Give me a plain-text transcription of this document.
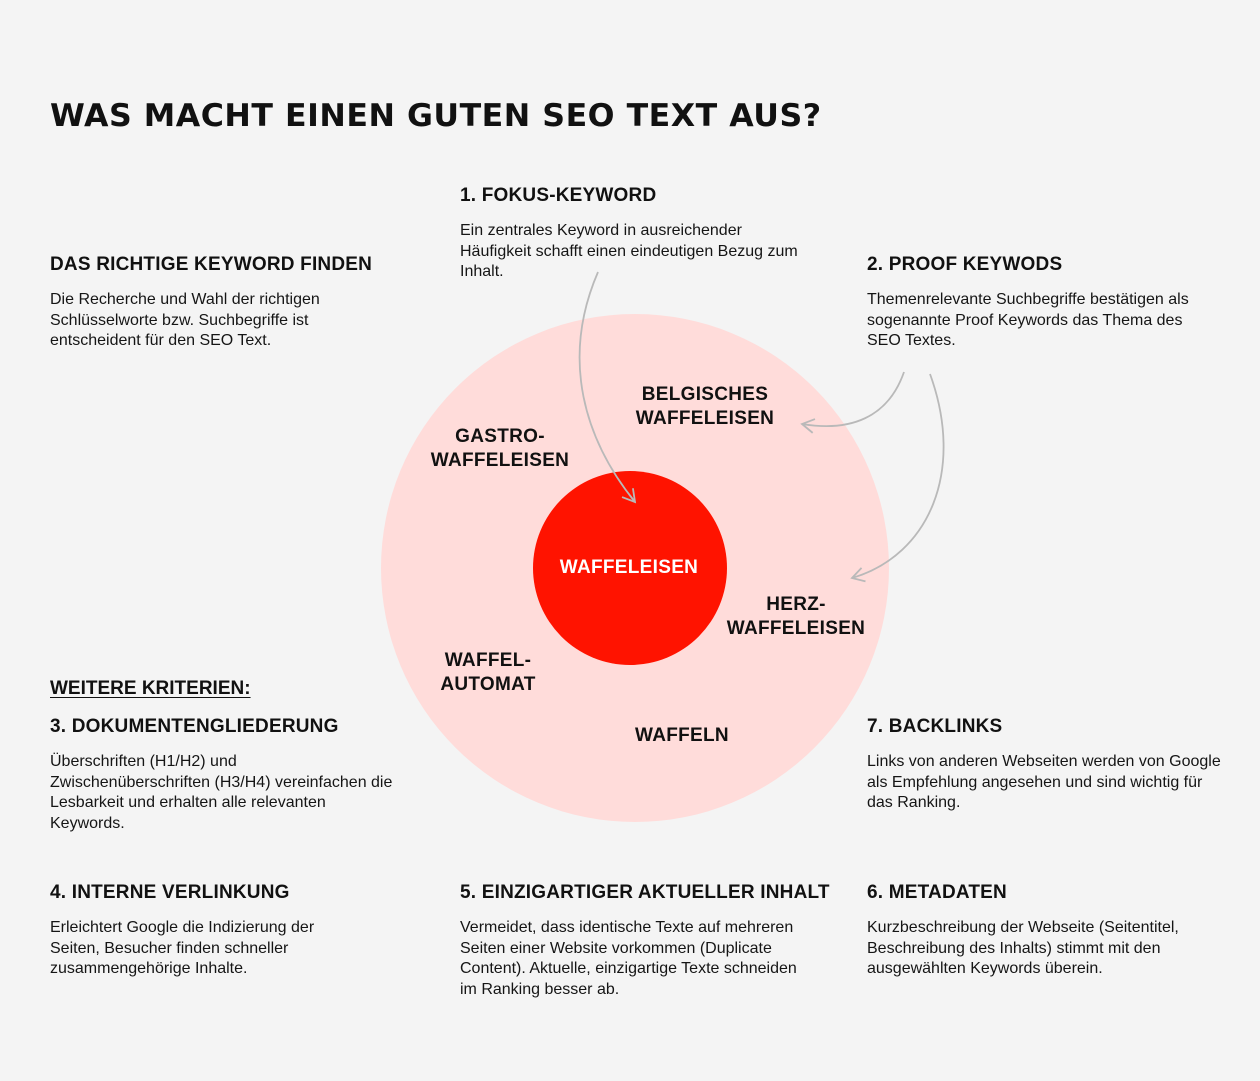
WAS MACHT EINEN GUTEN SEO TEXT AUS?
WAFFELEISEN
GASTRO-
WAFFELEISEN
BELGISCHES
WAFFELEISEN
HERZ-
WAFFELEISEN
WAFFEL-
AUTOMAT
WAFFELN
DAS RICHTIGE KEYWORD FINDEN

Die Recherche und Wahl der richtigen Schlüsselworte bzw. Suchbegriffe ist entscheident für den SEO Text.

1. FOKUS-KEYWORD

Ein zentrales Keyword in ausreichender Häufigkeit schafft einen eindeutigen Bezug zum Inhalt.	2. PROOF KEYWODS

Themenrelevante Suchbegriffe bestätigen als sogenannte Proof Keywords das Thema des SEO Textes.

WEITERE KRITERIEN:
3. DOKUMENTENGLIEDERUNG

Überschriften (H1/H2) und Zwischenüberschriften (H3/H4) vereinfachen die Lesbarkeit und erhalten alle relevanten Keywords.

7. BACKLINKS

Links von anderen Webseiten werden von Google als Empfehlung angesehen und sind wichtig für das Ranking.

4. INTERNE VERLINKUNG

Erleichtert Google die Indizierung der Seiten, Besucher finden schneller zusammengehörige Inhalte.

5. EINZIGARTIGER AKTUELLER INHALT

Vermeidet, dass identische Texte auf mehreren Seiten einer Website vorkommen (Duplicate Content). Aktuelle, einzigartige Texte schneiden im Ranking besser ab.

6. METADATEN

Kurzbeschreibung der Webseite (Seitentitel, Beschreibung des Inhalts) stimmt mit den ausgewählten Keywords überein.
